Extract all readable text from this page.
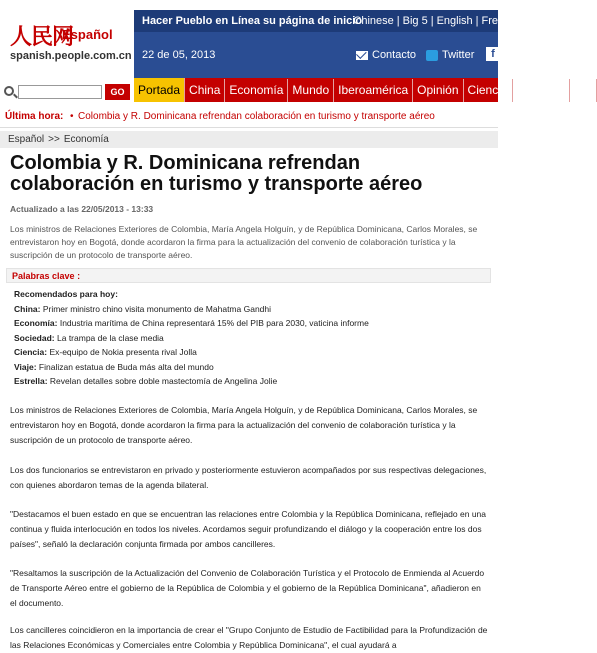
人民网
Español
spanish.people.com.cn
Hacer Pueblo en Línea su página de inicio
Chinese | Big 5 | English | Fre
22 de 05, 2013	Contacto Twitter	f
GO	Portada China Economía Mundo Iberoamérica Opinión Ciencia Deportes Cul
Última hora: • Colombia y R. Dominicana refrendan colaboración en turismo y transporte aéreo
Español >> Economía
Colombia y R. Dominicana refrendan colaboración en turismo y transporte aéreo
Actualizado a las 22/05/2013 - 13:33

Los ministros de Relaciones Exteriores de Colombia, María Angela Holguín, y de República Dominicana, Carlos Morales, se entrevistaron hoy en Bogotá, donde acordaron la firma para la actualización del convenio de colaboración turística y la suscripción de un protocolo de transporte aéreo.

Palabras clave :
Recomendados para hoy:
China: Primer ministro chino visita monumento de Mahatma Gandhi
Economía: Industria marítima de China representará 15% del PIB para 2030, vaticina informe
Sociedad: La trampa de la clase media
Ciencia: Ex-equipo de Nokia presenta rival Jolla
Viaje: Finalizan estatua de Buda más alta del mundo
Estrella: Revelan detalles sobre doble mastectomía de Angelina Jolie

Los ministros de Relaciones Exteriores de Colombia, María Angela Holguín, y de República Dominicana, Carlos Morales, se entrevistaron hoy en Bogotá, donde acordaron la firma para la actualización del convenio de colaboración turística y la suscripción de un protocolo de transporte aéreo.

Los dos funcionarios se entrevistaron en privado y posteriormente estuvieron acompañados por sus respectivas delegaciones, con quienes abordaron temas de la agenda bilateral.

"Destacamos el buen estado en que se encuentran las relaciones entre Colombia y la República Dominicana, reflejado en una continua y fluida interlocución en todos los niveles. Acordamos seguir profundizando el diálogo y la cooperación entre los dos países", señaló la declaración conjunta firmada por ambos cancilleres.

"Resaltamos la suscripción de la Actualización del Convenio de Colaboración Turística y el Protocolo de Enmienda al Acuerdo de Transporte Aéreo entre el gobierno de la República de Colombia y el gobierno de la República Dominicana", añadieron en el documento.

Los cancilleres coincidieron en la importancia de crear el "Grupo Conjunto de Estudio de Factibilidad para la Profundización de las Relaciones Económicas y Comerciales entre Colombia y República Dominicana", el cual ayudará a
